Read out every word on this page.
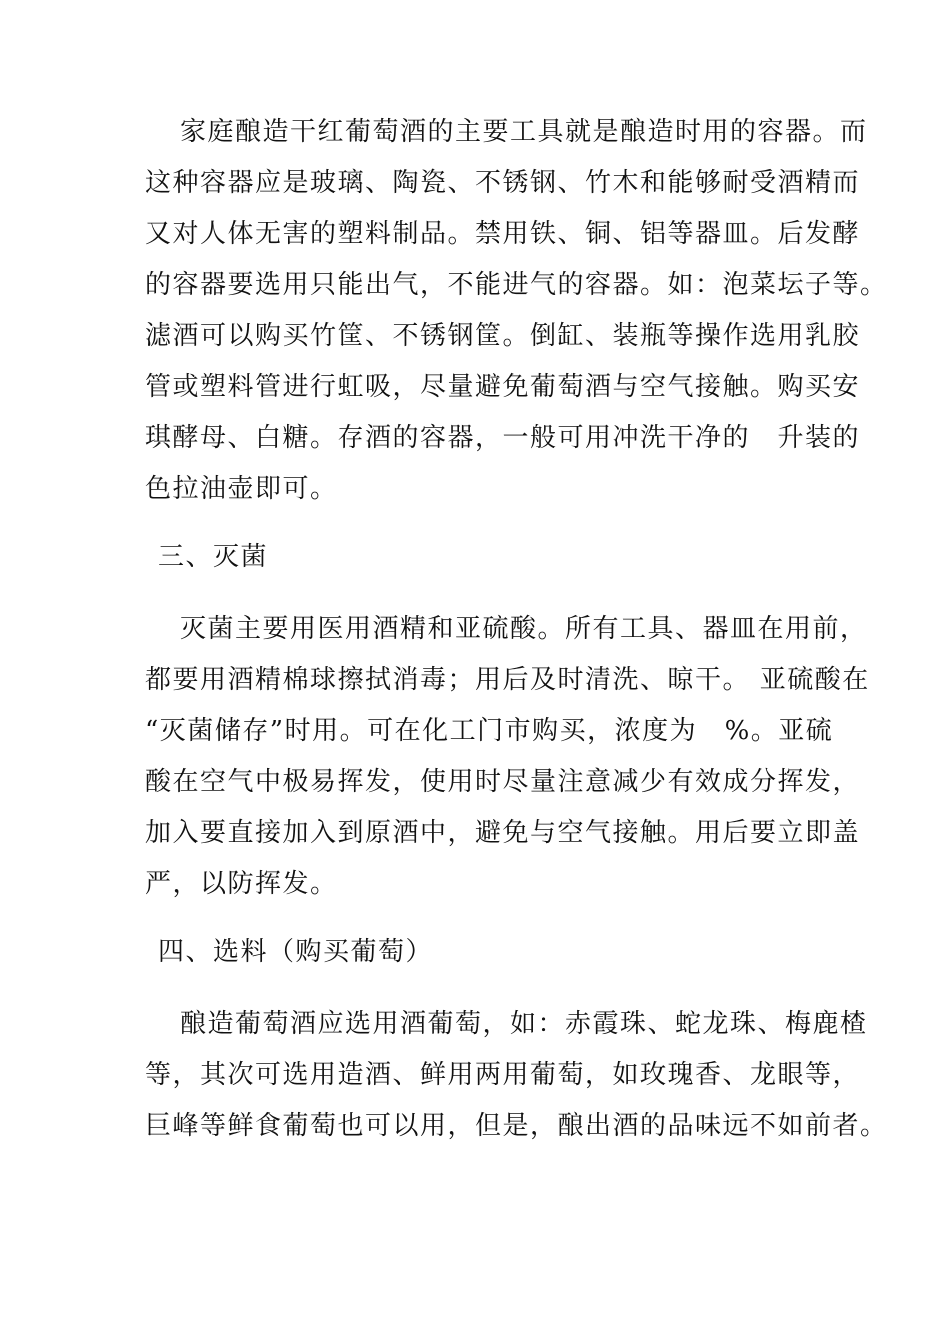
家庭酿造干红葡萄酒的主要工具就是酿造时用的容器。而
这种容器应是玻璃、陶瓷、不锈钢、竹木和能够耐受酒精而
又对人体无害的塑料制品。禁用铁、铜、铝等器皿。后发酵
的容器要选用只能出气，不能进气的容器。如：泡菜坛子等。
滤酒可以购买竹筐、不锈钢筐。倒缸、装瓶等操作选用乳胶
管或塑料管进行虹吸，尽量避免葡萄酒与空气接触。购买安
琪酵母、白糖。存酒的容器，一般可用冲洗干净的　升装的
色拉油壶即可。
三、灭菌
灭菌主要用医用酒精和亚硫酸。所有工具、器皿在用前，
都要用酒精棉球擦拭消毒；用后及时清洗、晾干。 亚硫酸在
“灭菌储存”时用。可在化工门市购买，浓度为　%。亚硫
酸在空气中极易挥发，使用时尽量注意减少有效成分挥发，
加入要直接加入到原酒中，避免与空气接触。用后要立即盖
严，以防挥发。
四、选料（购买葡萄）
酿造葡萄酒应选用酒葡萄，如：赤霞珠、蛇龙珠、梅鹿楂
等，其次可选用造酒、鲜用两用葡萄，如玫瑰香、龙眼等，
巨峰等鲜食葡萄也可以用，但是，酿出酒的品味远不如前者。
